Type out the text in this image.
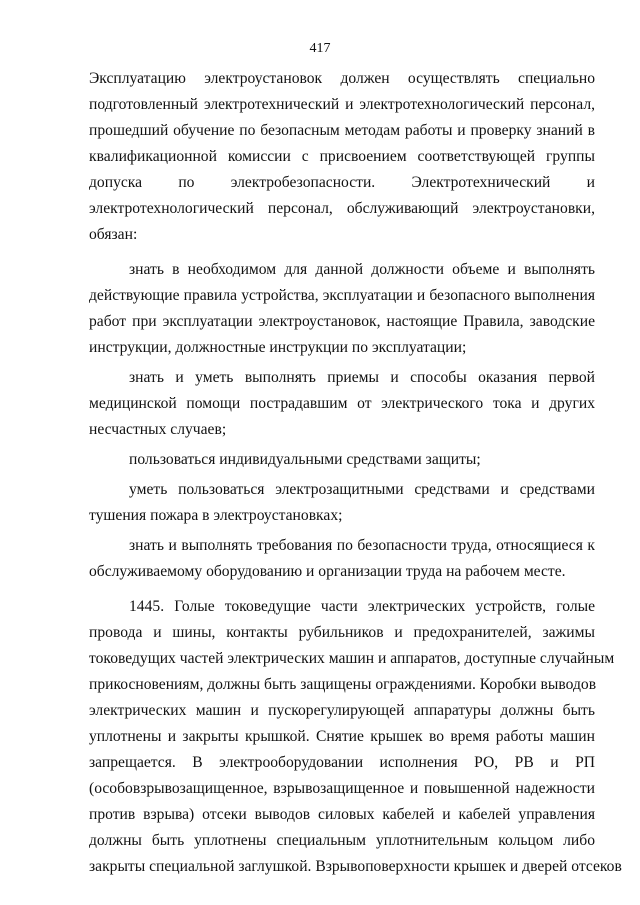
417
Эксплуатацию электроустановок должен осуществлять специально
подготовленный электротехнический и электротехнологический персонал,
прошедший обучение по безопасным методам работы и проверку знаний в
квалификационной комиссии с присвоением соответствующей группы
допуска по электробезопасности. Электротехнический и
электротехнологический персонал, обслуживающий электроустановки,
обязан:
знать в необходимом для данной должности объеме и выполнять
действующие правила устройства, эксплуатации и безопасного выполнения
работ при эксплуатации электроустановок, настоящие Правила, заводские
инструкции, должностные инструкции по эксплуатации;
знать и уметь выполнять приемы и способы оказания первой
медицинской помощи пострадавшим от электрического тока и других
несчастных случаев;
пользоваться индивидуальными средствами защиты;
уметь пользоваться электрозащитными средствами и средствами
тушения пожара в электроустановках;
знать и выполнять требования по безопасности труда, относящиеся к
обслуживаемому оборудованию и организации труда на рабочем месте.
1445. Голые токоведущие части электрических устройств, голые
провода и шины, контакты рубильников и предохранителей, зажимы
токоведущих частей электрических машин и аппаратов, доступные случайным
прикосновениям, должны быть защищены ограждениями. Коробки выводов
электрических машин и пускорегулирующей аппаратуры должны быть
уплотнены и закрыты крышкой. Снятие крышек во время работы машин
запрещается. В электрооборудовании исполнения РО, РВ и РП
(особовзрывозащищенное, взрывозащищенное и повышенной надежности
против взрыва) отсеки выводов силовых кабелей и кабелей управления
должны быть уплотнены специальным уплотнительным кольцом либо
закрыты специальной заглушкой. Взрывоповерхности крышек и дверей отсеков
